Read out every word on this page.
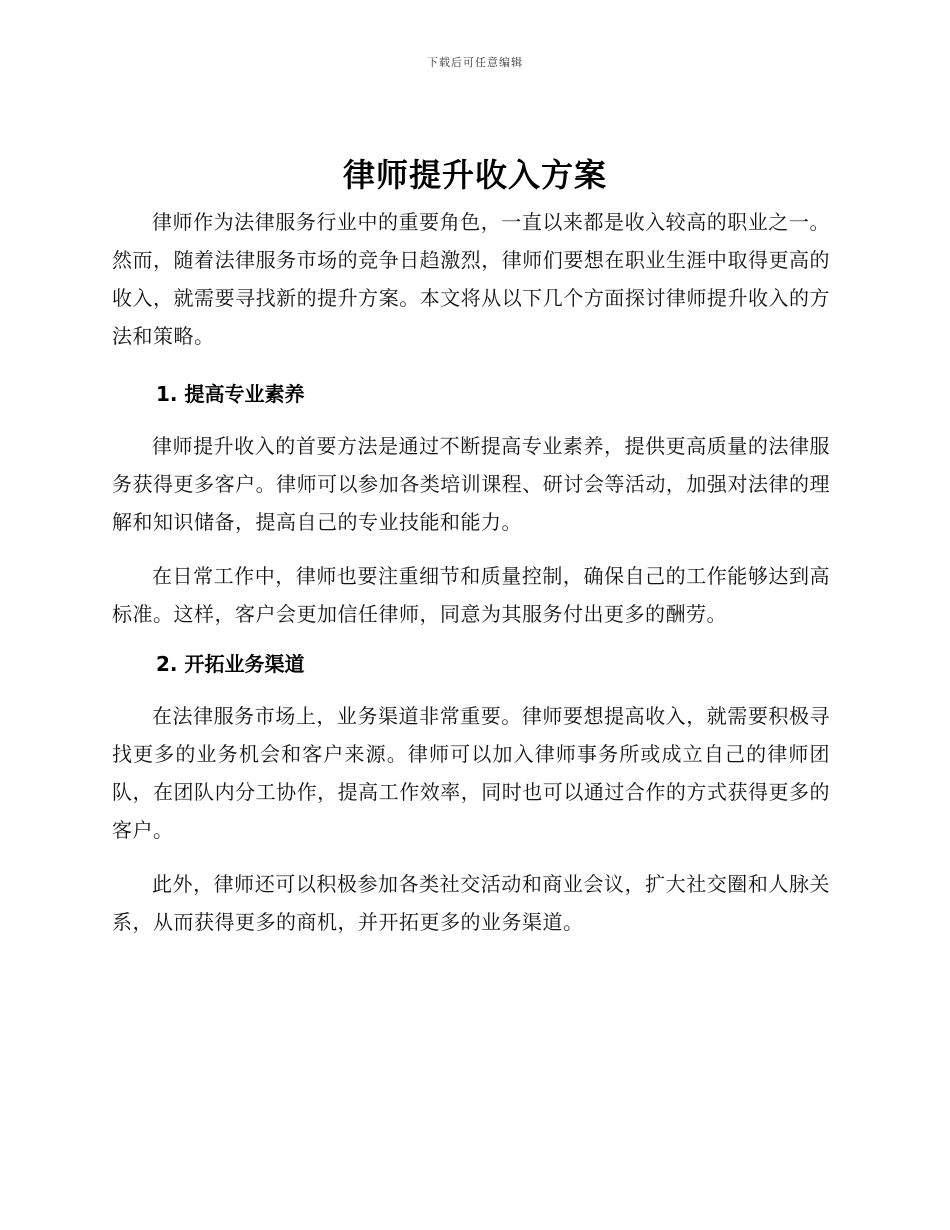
下载后可任意编辑
律师提升收入方案

律师作为法律服务行业中的重要角色，一直以来都是收入较高的职业之一。然而，随着法律服务市场的竞争日趋激烈，律师们要想在职业生涯中取得更高的收入，就需要寻找新的提升方案。本文将从以下几个方面探讨律师提升收入的方法和策略。

1. 提高专业素养

律师提升收入的首要方法是通过不断提高专业素养，提供更高质量的法律服务获得更多客户。律师可以参加各类培训课程、研讨会等活动，加强对法律的理解和知识储备，提高自己的专业技能和能力。

在日常工作中，律师也要注重细节和质量控制，确保自己的工作能够达到高标准。这样，客户会更加信任律师，同意为其服务付出更多的酬劳。

2. 开拓业务渠道

在法律服务市场上，业务渠道非常重要。律师要想提高收入，就需要积极寻找更多的业务机会和客户来源。律师可以加入律师事务所或成立自己的律师团队，在团队内分工协作，提高工作效率，同时也可以通过合作的方式获得更多的客户。

此外，律师还可以积极参加各类社交活动和商业会议，扩大社交圈和人脉关系，从而获得更多的商机，并开拓更多的业务渠道。
